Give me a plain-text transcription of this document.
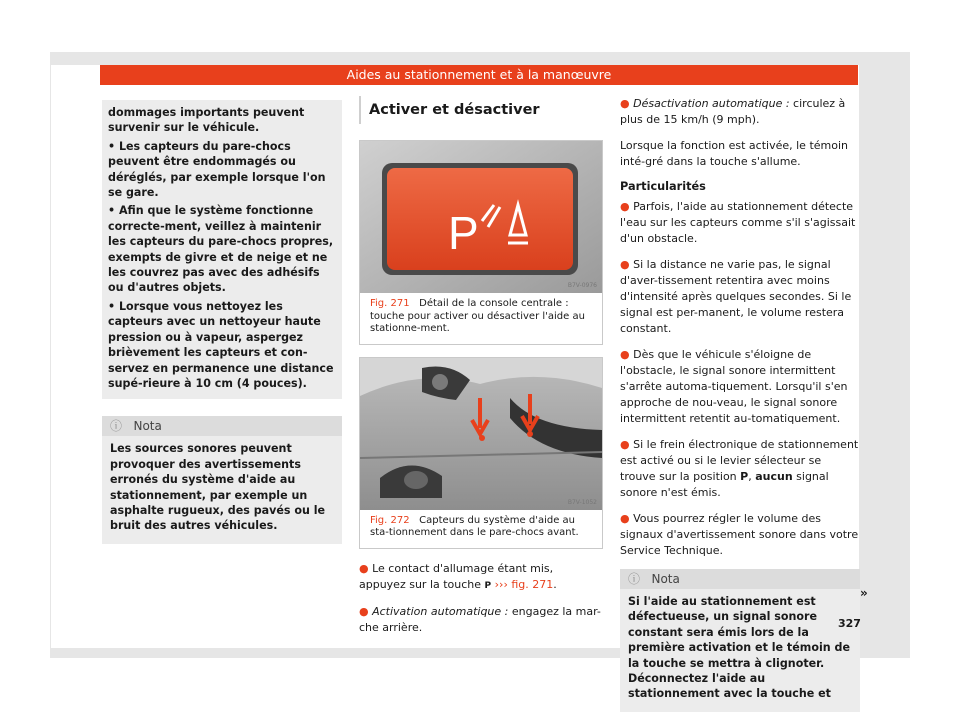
Aides au stationnement et à la manœuvre

dommages importants peuvent survenir sur le véhicule.

• Les capteurs du pare-chocs peuvent être endommagés ou déréglés, par exemple lorsque l'on se gare.

• Afin que le système fonctionne correcte-ment, veillez à maintenir les capteurs du pare-chocs propres, exempts de givre et de neige et ne les couvrez pas avec des adhésifs ou d'autres objets.

• Lorsque vous nettoyez les capteurs avec un nettoyeur haute pression ou à vapeur, aspergez brièvement les capteurs et con-servez en permanence une distance supé-rieure à 10 cm (4 pouces).

ⓘ Nota
Les sources sonores peuvent provoquer des avertissements erronés du système d'aide au stationnement, par exemple un asphalte rugueux, des pavés ou le bruit des autres véhicules.
Activer et désactiver
P
B7V-0976
Fig. 271 Détail de la console centrale : touche pour activer ou désactiver l'aide au stationne-ment.
B7V-1052
Fig. 272 Capteurs du système d'aide au sta-tionnement dans le pare-chocs avant.

● Le contact d'allumage étant mis, appuyez sur la touche P ››› fig. 271.

● Activation automatique : engagez la mar-che arrière.

● Désactivation automatique : circulez à plus de 15 km/h (9 mph).

Lorsque la fonction est activée, le témoin inté-gré dans la touche s'allume.

Particularités

● Parfois, l'aide au stationnement détecte l'eau sur les capteurs comme s'il s'agissait d'un obstacle.

● Si la distance ne varie pas, le signal d'aver-tissement retentira avec moins d'intensité après quelques secondes. Si le signal est per-manent, le volume restera constant.

● Dès que le véhicule s'éloigne de l'obstacle, le signal sonore intermittent s'arrête automa-tiquement. Lorsqu'il s'en approche de nou-veau, le signal sonore intermittent retentit au-tomatiquement.

● Si le frein électronique de stationnement est activé ou si le levier sélecteur se trouve sur la position P, aucun signal sonore n'est émis.

● Vous pourrez régler le volume des signaux d'avertissement sonore dans votre Service Technique.

ⓘ Nota
Si l'aide au stationnement est défectueuse, un signal sonore constant sera émis lors de la première activation et le témoin de la touche se mettra à clignoter. Déconnectez l'aide au stationnement avec la touche et
»
327
